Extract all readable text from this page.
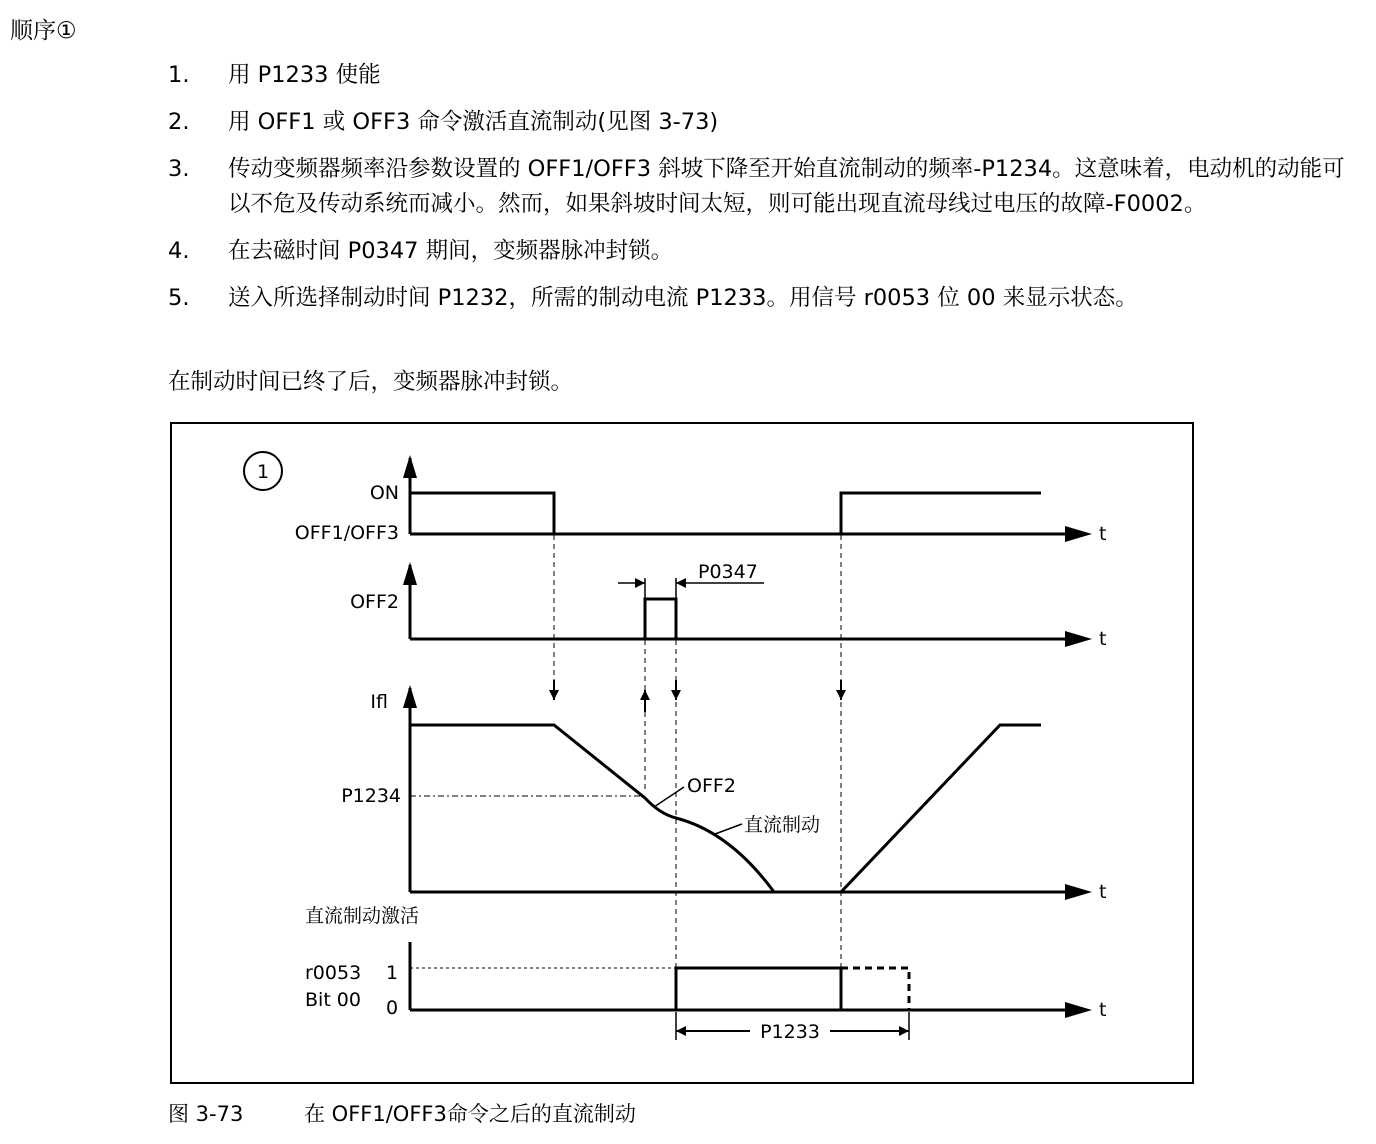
顺序①
1. 用 P1233 使能
2. 用 OFF1 或 OFF3 命令激活直流制动(见图 3-73)
3. 传动变频器频率沿参数设置的 OFF1/OFF3 斜坡下降至开始直流制动的频率-P1234。这意味着，电动机的动能可以不危及传动系统而减小。然而，如果斜坡时间太短，则可能出现直流母线过电压的故障-F0002。
4. 在去磁时间 P0347 期间，变频器脉冲封锁。
5. 送入所选择制动时间 P1232，所需的制动电流 P1233。用信号 r0053 位 00 来显示状态。
在制动时间已终了后，变频器脉冲封锁。
1
t
ON
OFF1/OFF3
t
OFF2
P0347
t
Ifl
P1234	OFF2
直流制动
直流制动激活
r0053
Bit 00
1
0	t
P1233
图 3-73	在 OFF1/OFF3命令之后的直流制动
